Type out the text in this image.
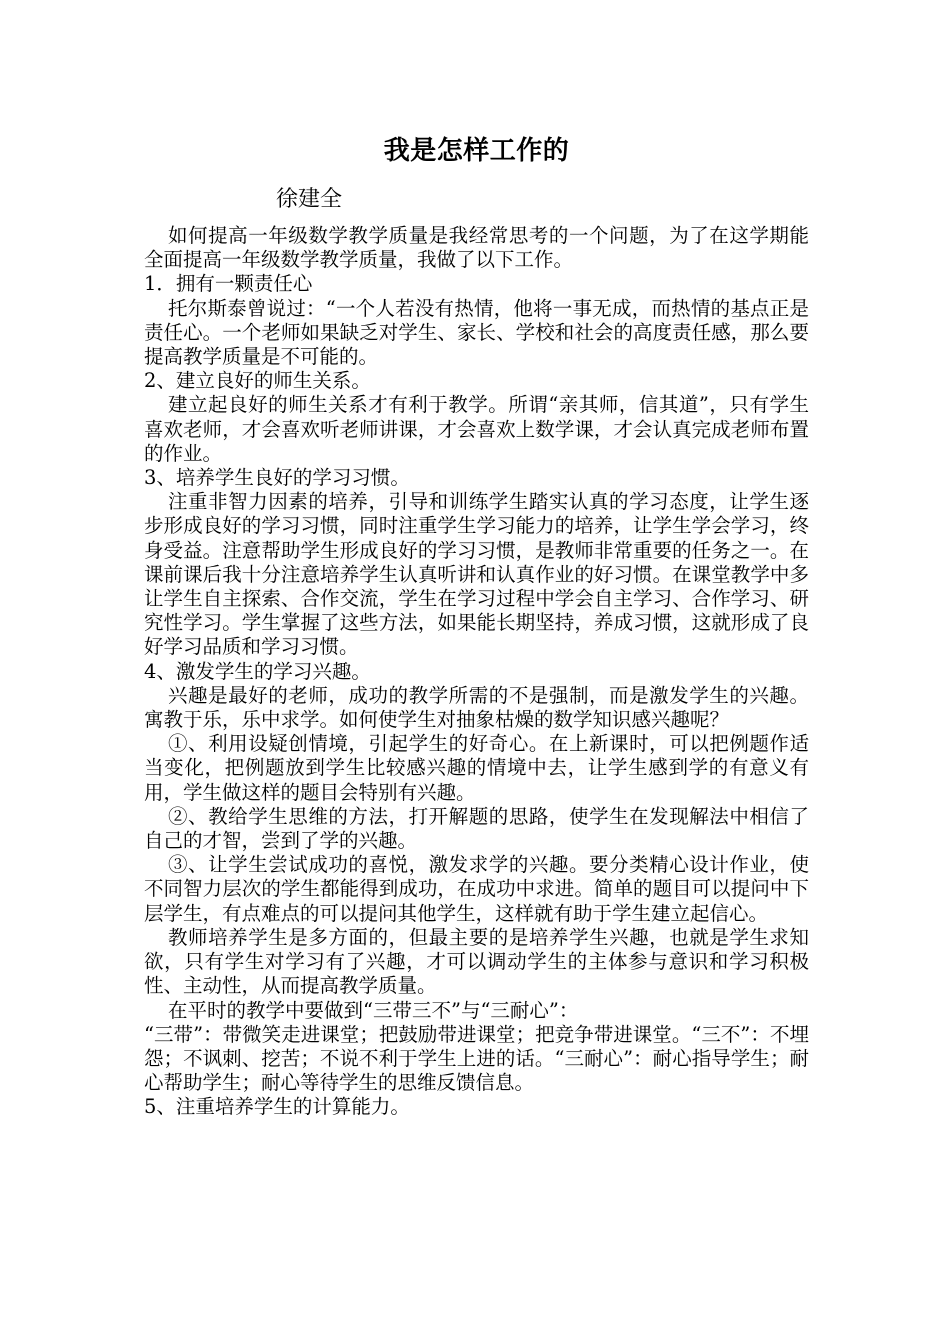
我是怎样工作的
徐建全
如何提高一年级数学教学质量是我经常思考的一个问题，为了在这学期能全面提高一年级数学教学质量，我做了以下工作。
1．拥有一颗责任心
托尔斯泰曾说过：“一个人若没有热情，他将一事无成，而热情的基点正是责任心。一个老师如果缺乏对学生、家长、学校和社会的高度责任感，那么要提高教学质量是不可能的。
2、建立良好的师生关系。
建立起良好的师生关系才有利于教学。所谓“亲其师，信其道”，只有学生喜欢老师，才会喜欢听老师讲课，才会喜欢上数学课，才会认真完成老师布置的作业。
3、培养学生良好的学习习惯。
注重非智力因素的培养，引导和训练学生踏实认真的学习态度，让学生逐步形成良好的学习习惯，同时注重学生学习能力的培养，让学生学会学习，终身受益。注意帮助学生形成良好的学习习惯，是教师非常重要的任务之一。在课前课后我十分注意培养学生认真听讲和认真作业的好习惯。在课堂教学中多让学生自主探索、合作交流，学生在学习过程中学会自主学习、合作学习、研究性学习。学生掌握了这些方法，如果能长期坚持，养成习惯，这就形成了良好学习品质和学习习惯。
4、激发学生的学习兴趣。
兴趣是最好的老师，成功的教学所需的不是强制，而是激发学生的兴趣。寓教于乐，乐中求学。如何使学生对抽象枯燥的数学知识感兴趣呢？
①、利用设疑创情境，引起学生的好奇心。在上新课时，可以把例题作适当变化，把例题放到学生比较感兴趣的情境中去，让学生感到学的有意义有用，学生做这样的题目会特别有兴趣。
②、教给学生思维的方法，打开解题的思路，使学生在发现解法中相信了自己的才智，尝到了学的兴趣。
③、让学生尝试成功的喜悦，激发求学的兴趣。要分类精心设计作业，使不同智力层次的学生都能得到成功，在成功中求进。简单的题目可以提问中下层学生，有点难点的可以提问其他学生，这样就有助于学生建立起信心。
教师培养学生是多方面的，但最主要的是培养学生兴趣，也就是学生求知欲，只有学生对学习有了兴趣，才可以调动学生的主体参与意识和学习积极性、主动性，从而提高教学质量。
在平时的教学中要做到“三带三不”与“三耐心”：
“三带”：带微笑走进课堂；把鼓励带进课堂；把竞争带进课堂。“三不”：不埋怨；不讽刺、挖苦；不说不利于学生上进的话。“三耐心”：耐心指导学生；耐心帮助学生；耐心等待学生的思维反馈信息。
5、注重培养学生的计算能力。
